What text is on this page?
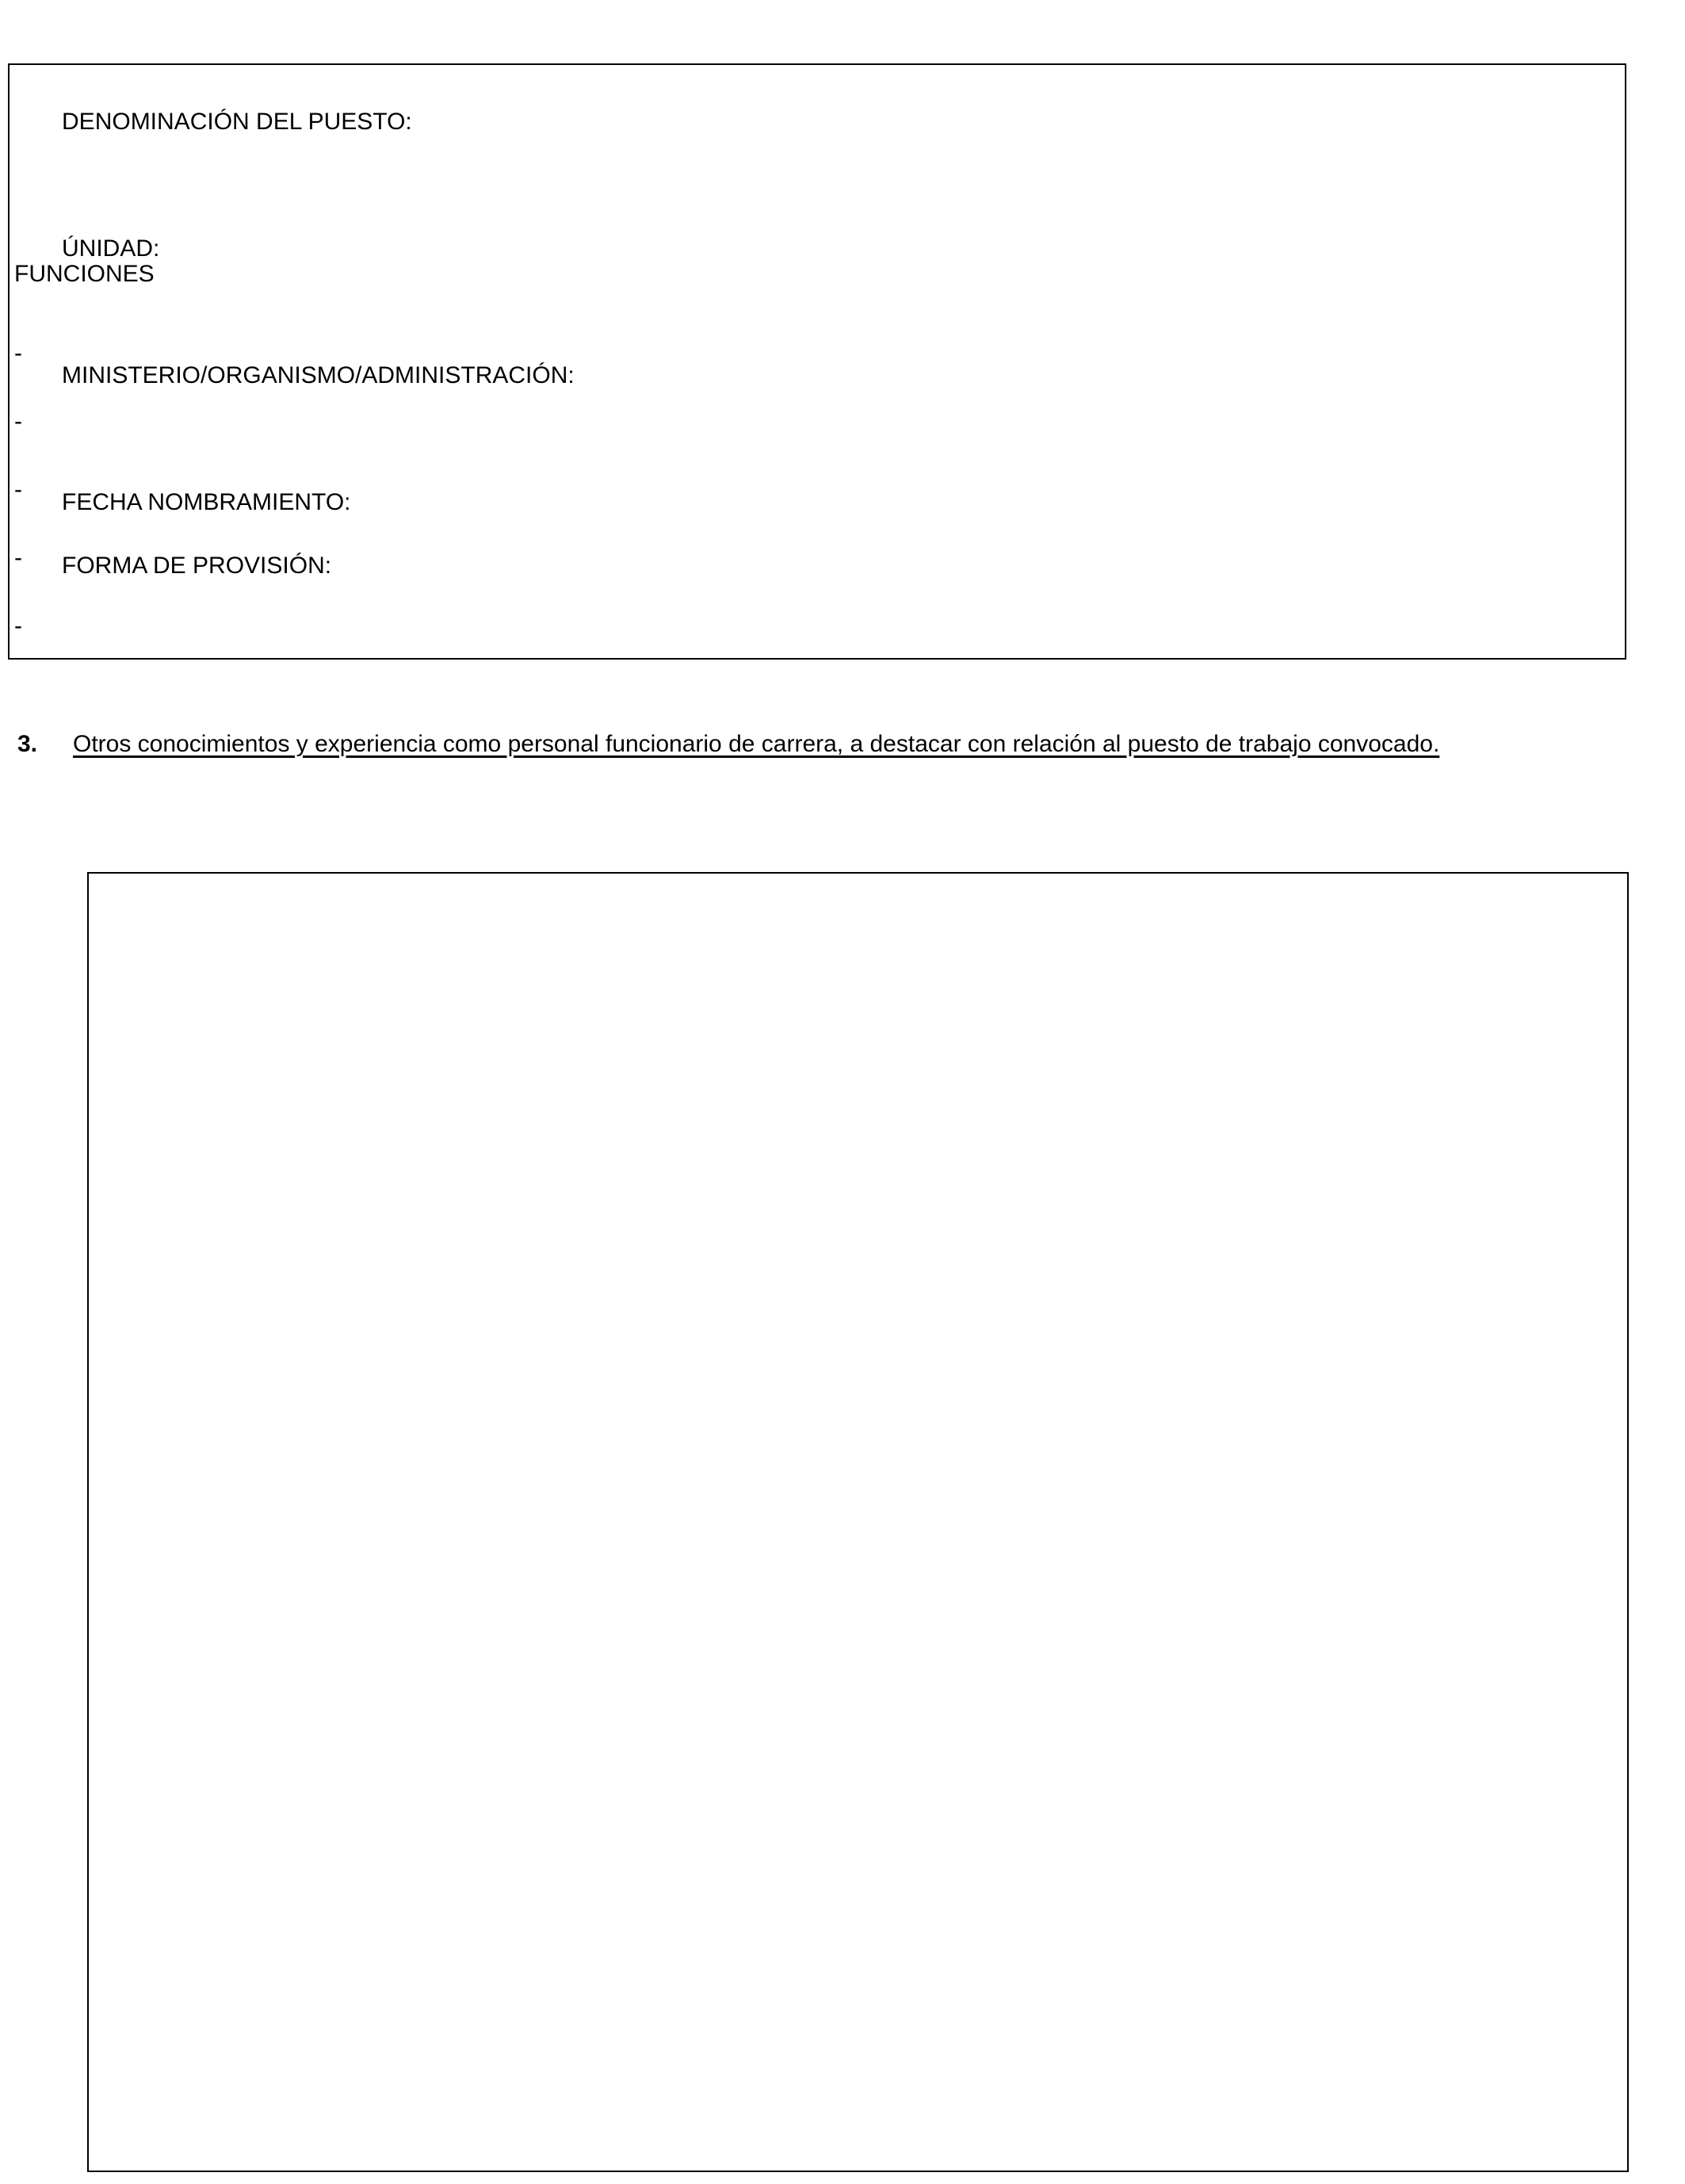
DENOMINACIÓN DEL PUESTO:

ÚNIDAD:

MINISTERIO/ORGANISMO/ADMINISTRACIÓN:

FECHA NOMBRAMIENTO:

FORMA DE PROVISIÓN:

FUNCIONES
-
-
-
-
-
3.	Otros conocimientos y experiencia como personal funcionario de carrera, a destacar con relación al puesto de trabajo convocado.
